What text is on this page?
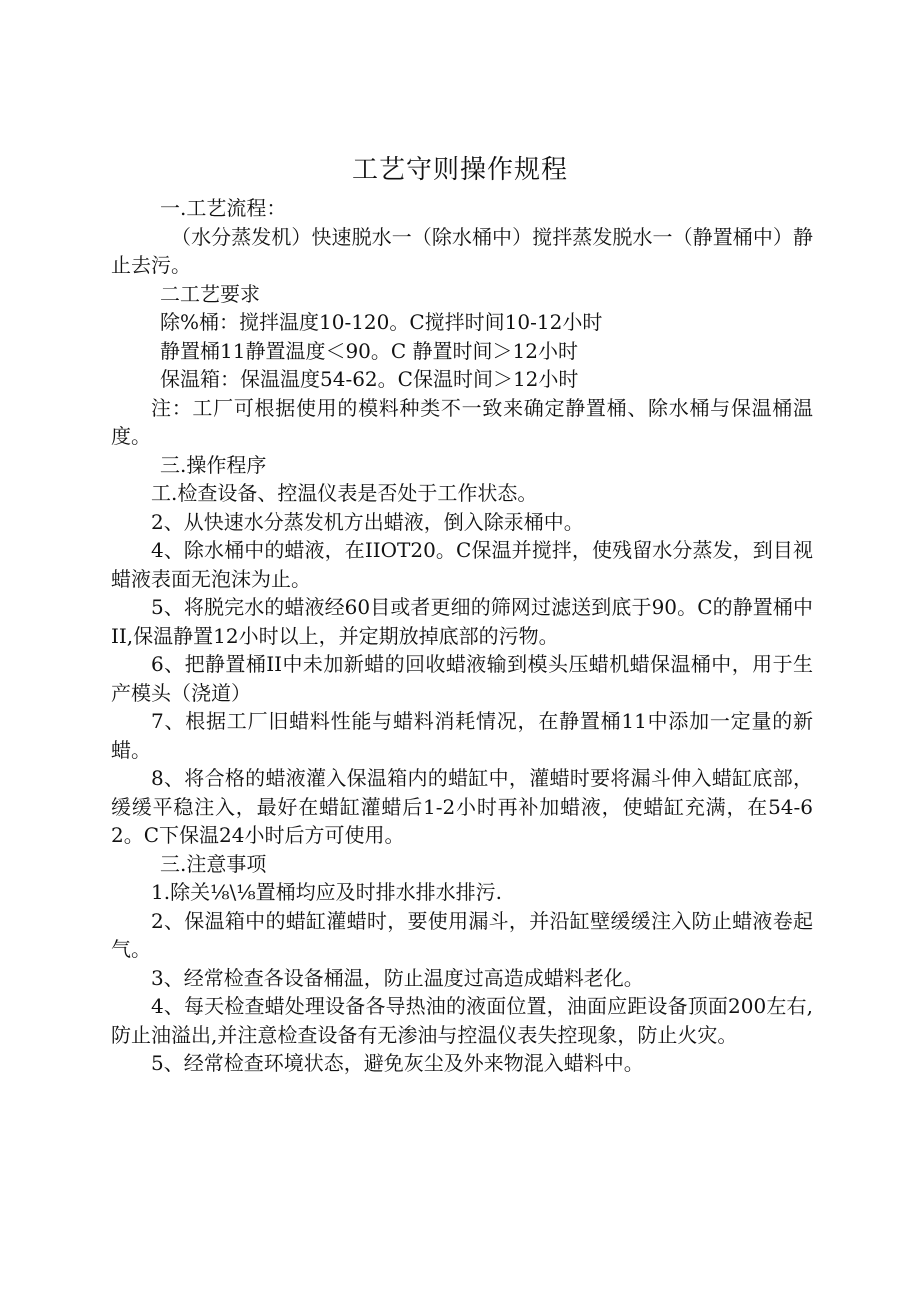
工艺守则操作规程

一.工艺流程：

（水分蒸发机）快速脱水一（除水桶中）搅拌蒸发脱水一（静置桶中）静止去污。

二工艺要求

除%桶：搅拌温度10-120。C搅拌时间10-12小时

静置桶11静置温度＜90。C 静置时间＞12小时

保温箱：保温温度54-62。C保温时间＞12小时

注：工厂可根据使用的模料种类不一致来确定静置桶、除水桶与保温桶温度。

三.操作程序

工.检查设备、控温仪表是否处于工作状态。

2、从快速水分蒸发机方出蜡液，倒入除汞桶中。

4、除水桶中的蜡液，在IIOT20。C保温并搅拌，使残留水分蒸发，到目视蜡液表面无泡沫为止。

5、将脱完水的蜡液经60目或者更细的筛网过滤送到底于90。C的静置桶中II,保温静置12小时以上，并定期放掉底部的污物。

6、把静置桶II中未加新蜡的回收蜡液输到模头压蜡机蜡保温桶中，用于生产模头（浇道）

7、根据工厂旧蜡料性能与蜡料消耗情况，在静置桶11中添加一定量的新蜡。

8、将合格的蜡液灌入保温箱内的蜡缸中，灌蜡时要将漏斗伸入蜡缸底部，缓缓平稳注入，最好在蜡缸灌蜡后1-2小时再补加蜡液，使蜡缸充满，在54-62。C下保温24小时后方可使用。

三.注意事项

1.除关⅛\⅛置桶均应及时排水排水排污.

2、保温箱中的蜡缸灌蜡时，要使用漏斗，并沿缸壁缓缓注入防止蜡液卷起气。

3、经常检查各设备桶温，防止温度过高造成蜡料老化。

4、每天检查蜡处理设备各导热油的液面位置，油面应距设备顶面200左右,防止油溢出,并注意检查设备有无渗油与控温仪表失控现象，防止火灾。

5、经常检查环境状态，避免灰尘及外来物混入蜡料中。
